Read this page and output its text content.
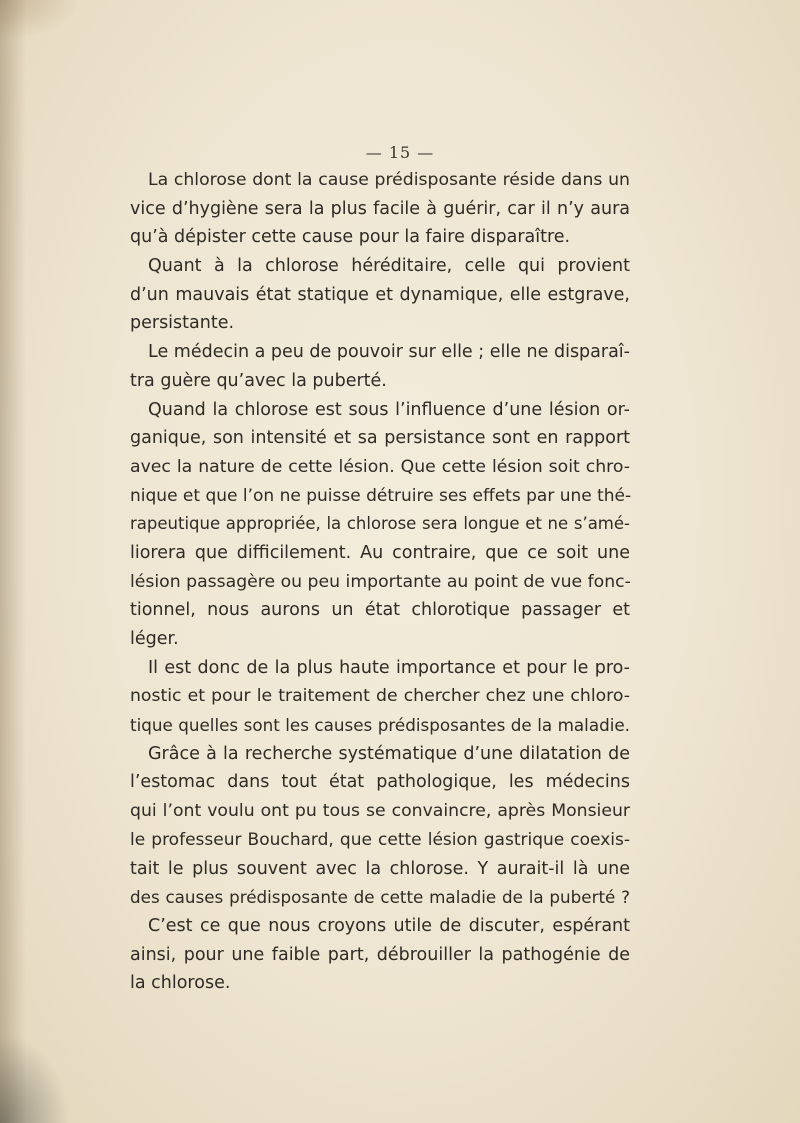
— 15 —
La chlorose dont la cause prédisposante réside dans un
vice d’hygiène sera la plus facile à guérir, car il n’y aura
qu’à dépister cette cause pour la faire disparaître.
Quant à la chlorose héréditaire, celle qui provient
d’un mauvais état statique et dynamique, elle estgrave,
persistante.
Le médecin a peu de pouvoir sur elle ; elle ne disparaî-
tra guère qu’avec la puberté.
Quand la chlorose est sous l’influence d’une lésion or-
ganique, son intensité et sa persistance sont en rapport
avec la nature de cette lésion. Que cette lésion soit chro-
nique et que l’on ne puisse détruire ses effets par une thé-
rapeutique appropriée, la chlorose sera longue et ne s’amé-
liorera que difficilement. Au contraire, que ce soit une
lésion passagère ou peu importante au point de vue fonc-
tionnel, nous aurons un état chlorotique passager et
léger.
Il est donc de la plus haute importance et pour le pro-
nostic et pour le traitement de chercher chez une chloro-
tique quelles sont les causes prédisposantes de la maladie.
Grâce à la recherche systématique d’une dilatation de
l’estomac dans tout état pathologique, les médecins
qui l’ont voulu ont pu tous se convaincre, après Monsieur
le professeur Bouchard, que cette lésion gastrique coexis-
tait le plus souvent avec la chlorose. Y aurait-il là une
des causes prédisposante de cette maladie de la puberté ?
C’est ce que nous croyons utile de discuter, espérant
ainsi, pour une faible part, débrouiller la pathogénie de
la chlorose.
